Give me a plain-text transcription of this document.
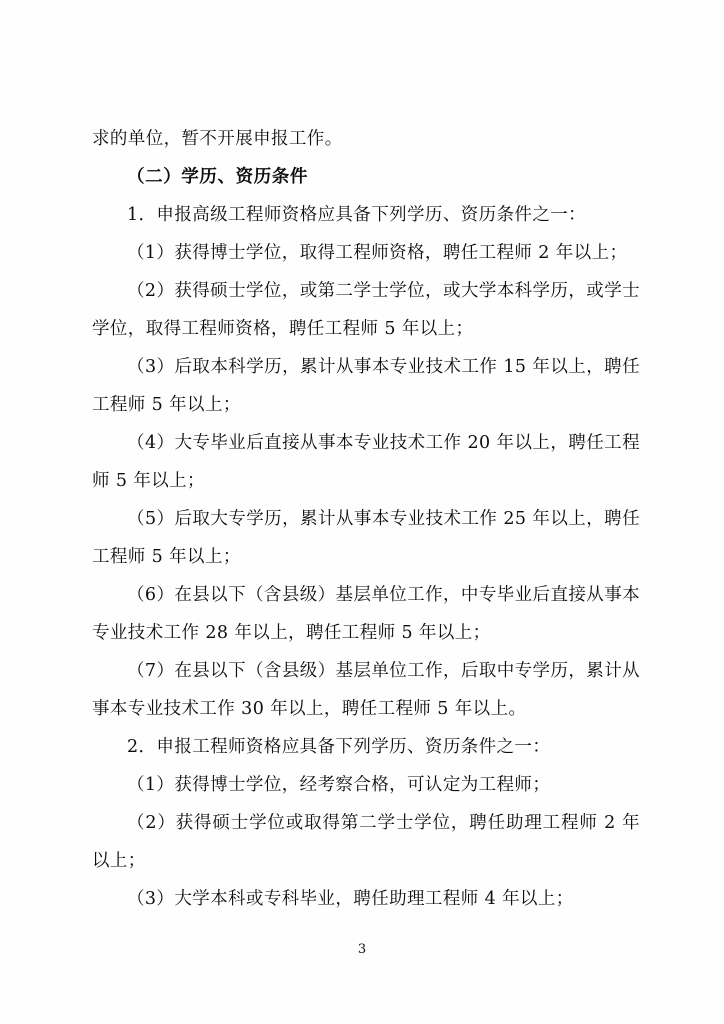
求的单位，暂不开展申报工作。

（二）学历、资历条件

1．申报高级工程师资格应具备下列学历、资历条件之一：

（1）获得博士学位，取得工程师资格，聘任工程师 2 年以上；

（2）获得硕士学位，或第二学士学位，或大学本科学历，或学士学位，取得工程师资格，聘任工程师 5 年以上；

（3）后取本科学历，累计从事本专业技术工作 15 年以上，聘任工程师 5 年以上；

（4）大专毕业后直接从事本专业技术工作 20 年以上，聘任工程师 5 年以上；

（5）后取大专学历，累计从事本专业技术工作 25 年以上，聘任工程师 5 年以上；

（6）在县以下（含县级）基层单位工作，中专毕业后直接从事本专业技术工作 28 年以上，聘任工程师 5 年以上；

（7）在县以下（含县级）基层单位工作，后取中专学历，累计从事本专业技术工作 30 年以上，聘任工程师 5 年以上。

2．申报工程师资格应具备下列学历、资历条件之一：

（1）获得博士学位，经考察合格，可认定为工程师；

（2）获得硕士学位或取得第二学士学位，聘任助理工程师 2 年以上；

（3）大学本科或专科毕业，聘任助理工程师 4 年以上；

3
